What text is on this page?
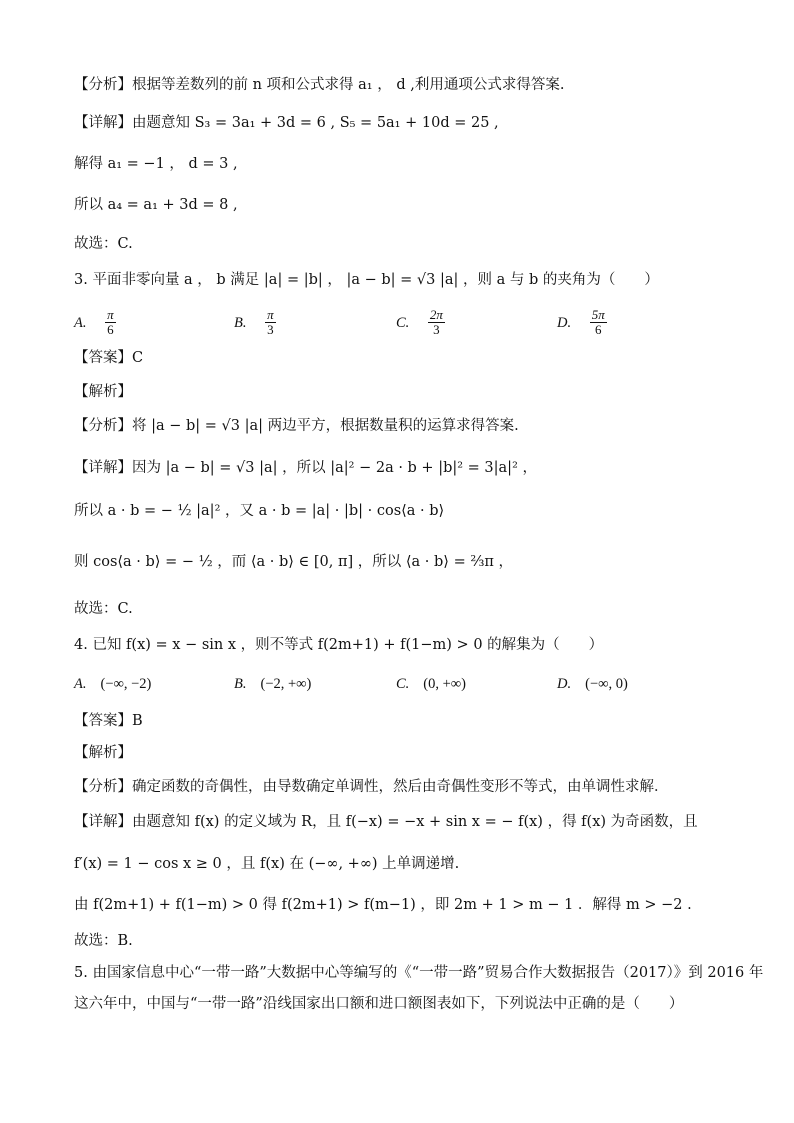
【分析】根据等差数列的前 n 项和公式求得 a₁ ， d ,利用通项公式求得答案.
【详解】由题意知 S₃ = 3a₁ + 3d = 6 , S₅ = 5a₁ + 10d = 25 ,
解得 a₁ = −1 ， d = 3 ,
所以 a₄ = a₁ + 3d = 8 ,
故选：C.
3. 平面非零向量 a ， b 满足 |a| = |b| ， |a − b| = √3 |a| ，则 a 与 b 的夹角为（　　）
A. $\frac{\pi}{6}$	B. $\frac{\pi}{3}$	C. $\frac{2\pi}{3}$	D. $\frac{5\pi}{6}$
【答案】C
【解析】
【分析】将 |a − b| = √3 |a| 两边平方，根据数量积的运算求得答案.
【详解】因为 |a − b| = √3 |a| ，所以 |a|² − 2a · b + |b|² = 3|a|² ，
所以 a · b = − ½ |a|² ，又 a · b = |a| · |b| · cos⟨a · b⟩
则 cos⟨a · b⟩ = − ½ ，而 ⟨a · b⟩ ∈ [0, π] ，所以 ⟨a · b⟩ = ⅔π ，
故选：C.
4. 已知 f(x) = x − sin x ，则不等式 f(2m+1) + f(1−m) > 0 的解集为（　　）
A. (−∞, −2)	B. (−2, +∞)	C. (0, +∞)	D. (−∞, 0)
【答案】B
【解析】
【分析】确定函数的奇偶性，由导数确定单调性，然后由奇偶性变形不等式，由单调性求解．
【详解】由题意知 f(x) 的定义域为 R，且 f(−x) = −x + sin x = − f(x) ，得 f(x) 为奇函数，且
f′(x) = 1 − cos x ≥ 0 ，且 f(x) 在 (−∞, +∞) 上单调递增.
由 f(2m+1) + f(1−m) > 0 得 f(2m+1) > f(m−1) ，即 2m + 1 > m − 1 ．解得 m > −2 .
故选：B.
5. 由国家信息中心“一带一路”大数据中心等编写的《“一带一路”贸易合作大数据报告（2017）》到 2016 年
这六年中，中国与“一带一路”沿线国家出口额和进口额图表如下，下列说法中正确的是（　　）
